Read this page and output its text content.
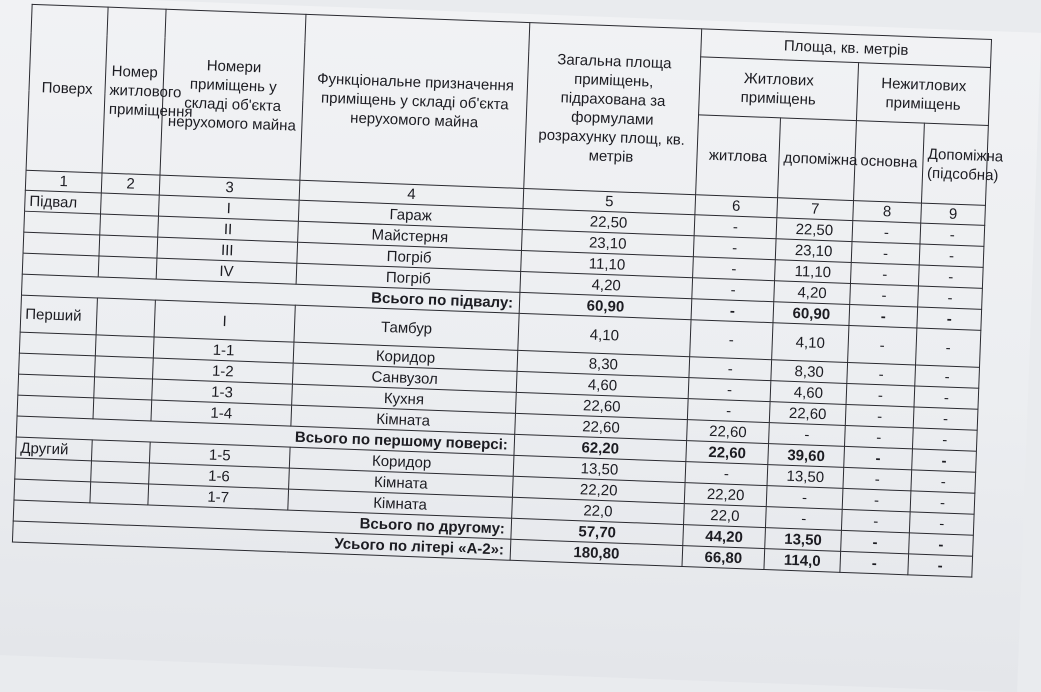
Поверх	Номер житлового приміщення	Номери приміщень у складі об'єкта нерухомого майна	Функціональне призначення приміщень у складі об'єкта нерухомого майна	Загальна площа приміщень, підрахована за формулами розрахунку площ, кв. метрів	Площа, кв. метрів			
					Житлових приміщень		Нежитлових приміщень	
					житлова	допоміжна	основна	Допоміжна (підсобна)
1	2	3	4	5	6	7	8	9
Підвал		I	Гараж	22,50	-	22,50	-	-
		II	Майстерня	23,10	-	23,10	-	-
		III	Погріб	11,10	-	11,10	-	-
		IV	Погріб	4,20	-	4,20	-	-
Всього по підвалу:				60,90	-	60,90	-	-
Перший		I	Тамбур	4,10	-	4,10	-	-
		1-1	Коридор	8,30	-	8,30	-	-
		1-2	Санвузол	4,60	-	4,60	-	-
		1-3	Кухня	22,60	-	22,60	-	-
		1-4	Кімната	22,60	22,60	-	-	-
Всього по першому поверсі:				62,20	22,60	39,60	-	-
Другий		1-5	Коридор	13,50	-	13,50	-	-
		1-6	Кімната	22,20	22,20	-	-	-
		1-7	Кімната	22,0	22,0	-	-	-
Всього по другому:				57,70	44,20	13,50	-	-
Усього по літері «А-2»:				180,80	66,80	114,0	-	-
